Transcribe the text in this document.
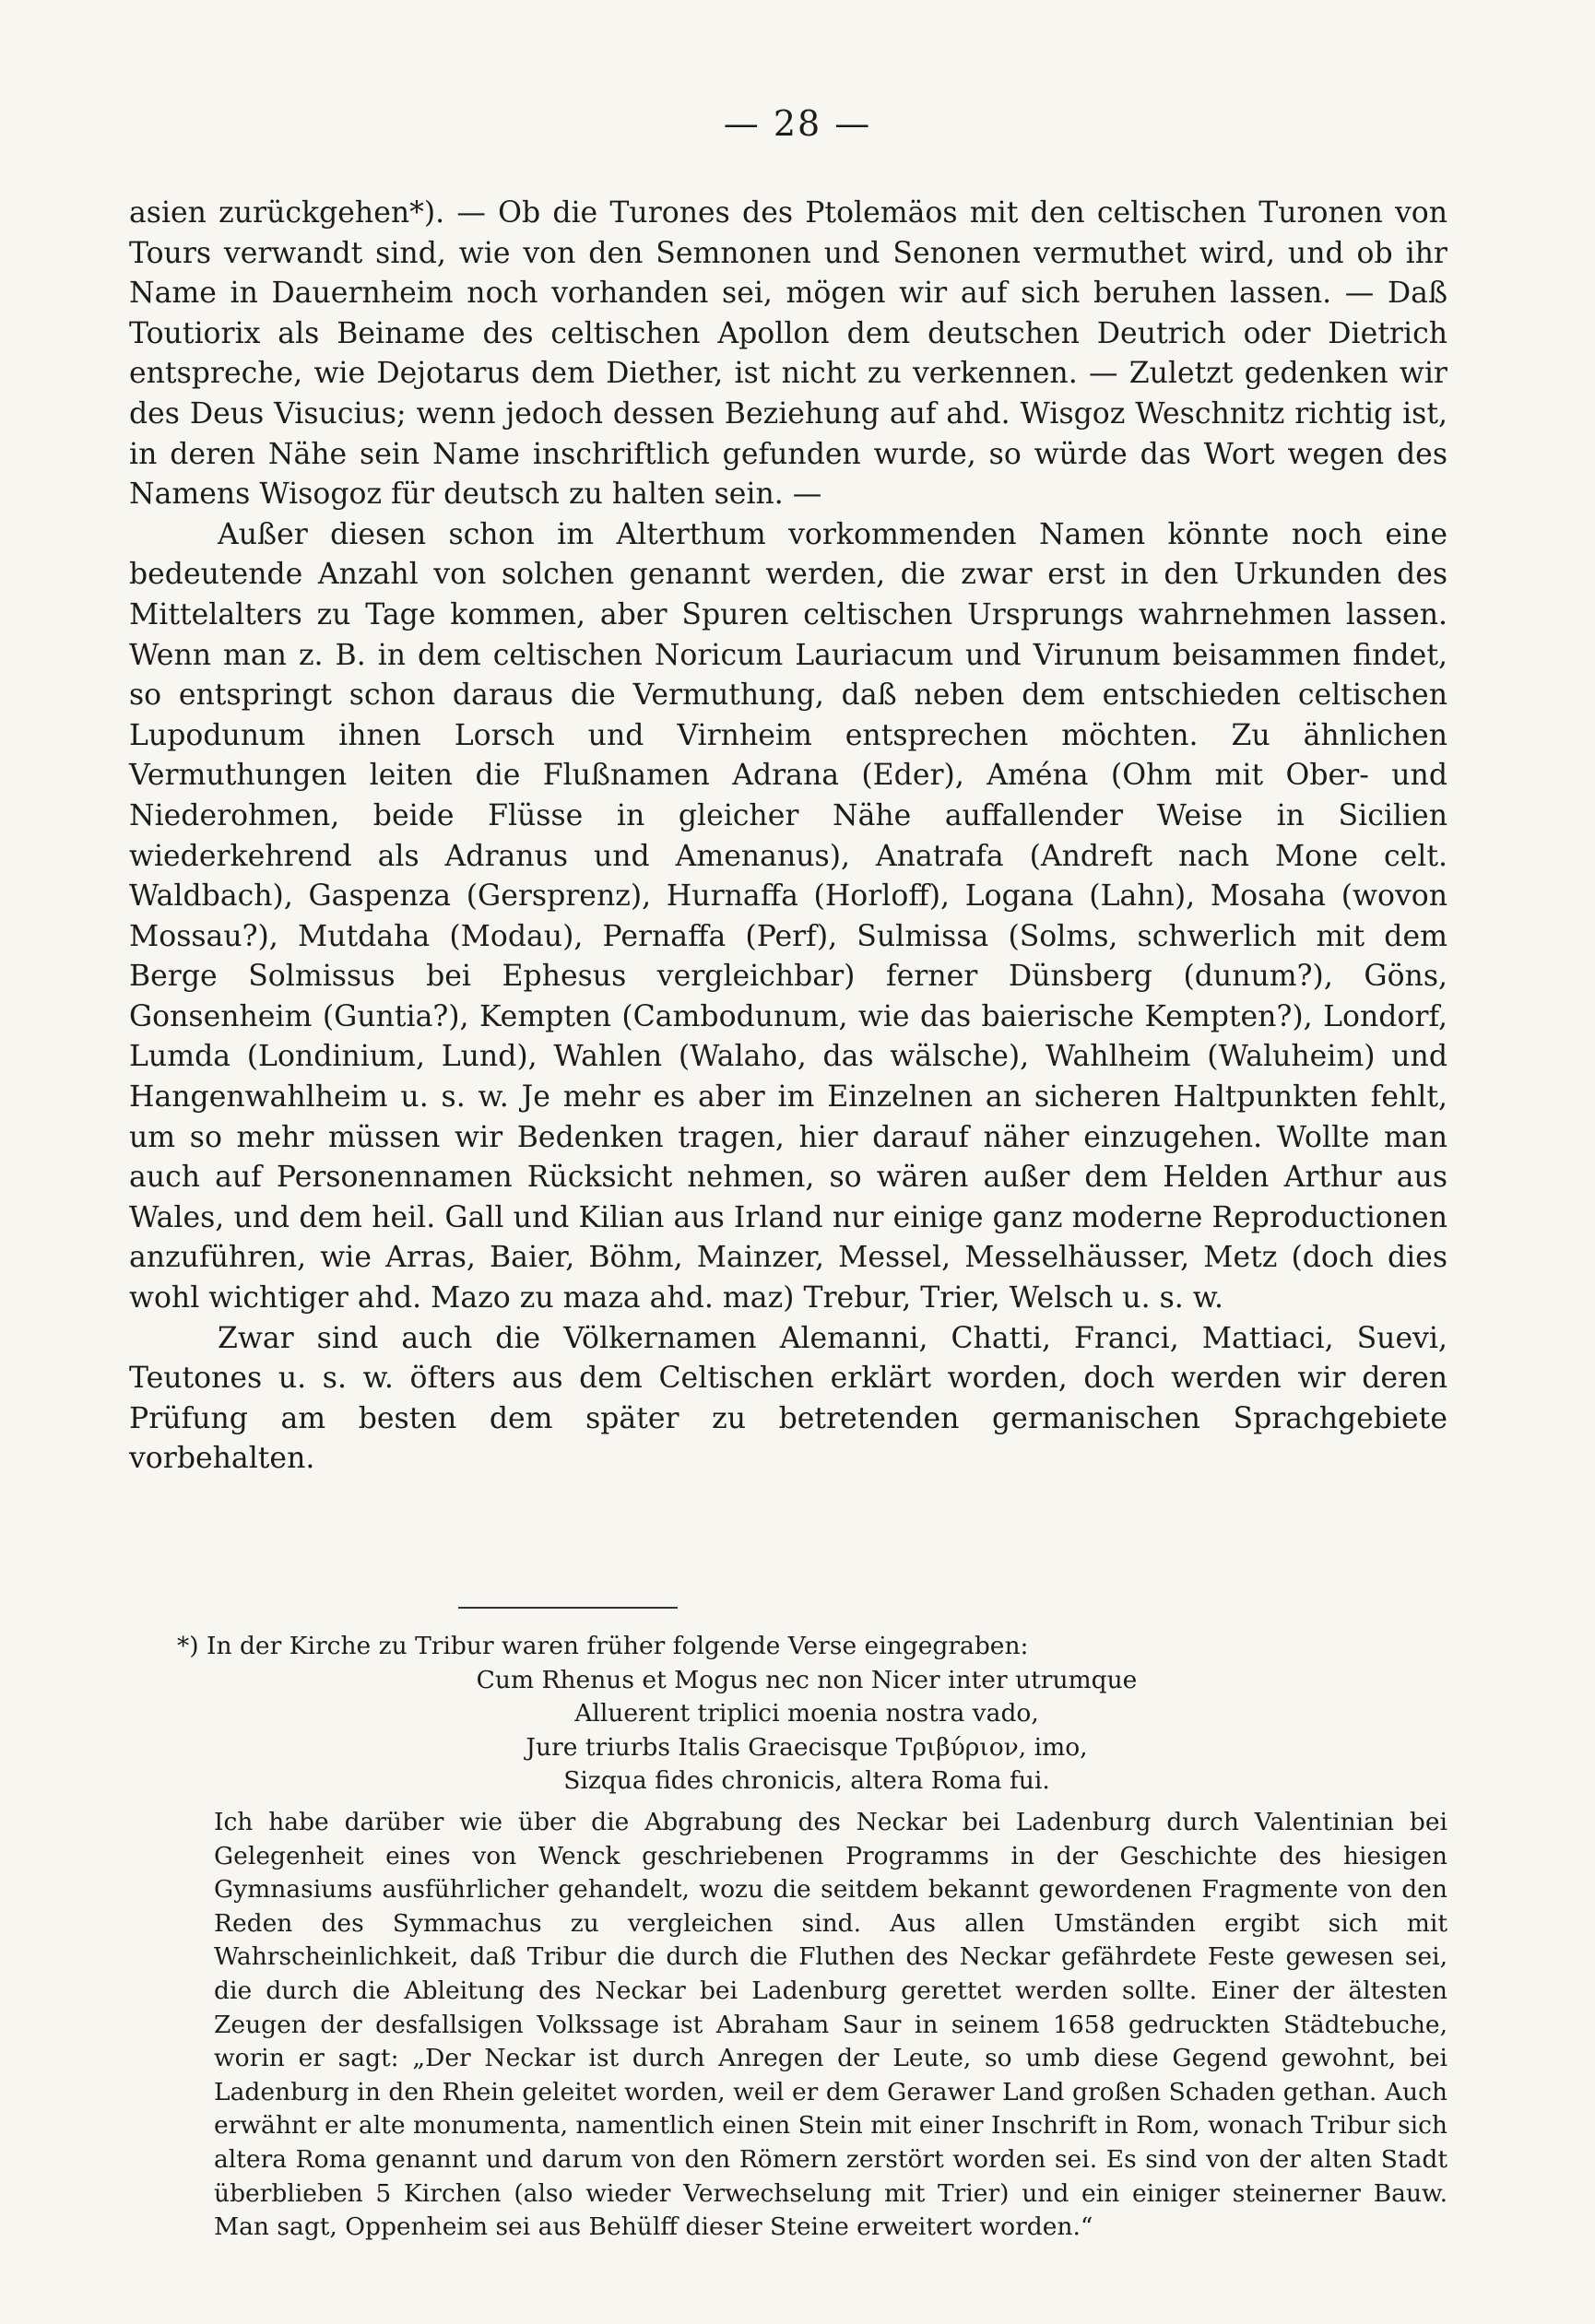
— 28 —

asien zurückgehen*). — Ob die Turones des Ptolemäos mit den celtischen Turonen von Tours verwandt sind, wie von den Semnonen und Senonen vermuthet wird, und ob ihr Name in Dauernheim noch vorhanden sei, mögen wir auf sich beruhen lassen. — Daß Toutiorix als Beiname des celtischen Apollon dem deutschen Deutrich oder Dietrich entspreche, wie Dejotarus dem Diether, ist nicht zu verkennen. — Zuletzt gedenken wir des Deus Visucius; wenn jedoch dessen Beziehung auf ahd. Wisgoz Weschnitz richtig ist, in deren Nähe sein Name inschriftlich gefunden wurde, so würde das Wort wegen des Namens Wisogoz für deutsch zu halten sein. —

Außer diesen schon im Alterthum vorkommenden Namen könnte noch eine bedeutende Anzahl von solchen genannt werden, die zwar erst in den Urkunden des Mittelalters zu Tage kommen, aber Spuren celtischen Ursprungs wahrnehmen lassen. Wenn man z. B. in dem celtischen Noricum Lauriacum und Virunum beisammen findet, so entspringt schon daraus die Vermuthung, daß neben dem entschieden celtischen Lupodunum ihnen Lorsch und Virnheim entsprechen möchten. Zu ähnlichen Vermuthungen leiten die Flußnamen Adrana (Eder), Aména (Ohm mit Ober- und Niederohmen, beide Flüsse in gleicher Nähe auffallender Weise in Sicilien wiederkehrend als Adranus und Amenanus), Anatrafa (Andreft nach Mone celt. Waldbach), Gaspenza (Gersprenz), Hurnaffa (Horloff), Logana (Lahn), Mosaha (wovon Mossau?), Mutdaha (Modau), Pernaffa (Perf), Sulmissa (Solms, schwerlich mit dem Berge Solmissus bei Ephesus vergleichbar) ferner Dünsberg (dunum?), Göns, Gonsenheim (Guntia?), Kempten (Cambodunum, wie das baierische Kempten?), Londorf, Lumda (Londinium, Lund), Wahlen (Walaho, das wälsche), Wahlheim (Waluheim) und Hangenwahlheim u. s. w. Je mehr es aber im Einzelnen an sicheren Haltpunkten fehlt, um so mehr müssen wir Bedenken tragen, hier darauf näher einzugehen. Wollte man auch auf Personennamen Rücksicht nehmen, so wären außer dem Helden Arthur aus Wales, und dem heil. Gall und Kilian aus Irland nur einige ganz moderne Reproductionen anzuführen, wie Arras, Baier, Böhm, Mainzer, Messel, Messelhäusser, Metz (doch dies wohl wichtiger ahd. Mazo zu maza ahd. maz) Trebur, Trier, Welsch u. s. w.

Zwar sind auch die Völkernamen Alemanni, Chatti, Franci, Mattiaci, Suevi, Teutones u. s. w. öfters aus dem Celtischen erklärt worden, doch werden wir deren Prüfung am besten dem später zu betretenden germanischen Sprachgebiete vorbehalten.

*) In der Kirche zu Tribur waren früher folgende Verse eingegraben:
Cum Rhenus et Mogus nec non Nicer inter utrumque
Alluerent triplici moenia nostra vado,
Jure triurbs Italis Graecisque Τριβύριον, imo,
Sizqua fides chronicis, altera Roma fui.
Ich habe darüber wie über die Abgrabung des Neckar bei Ladenburg durch Valentinian bei Gelegenheit eines von Wenck geschriebenen Programms in der Geschichte des hiesigen Gymnasiums ausführlicher gehandelt, wozu die seitdem bekannt gewordenen Fragmente von den Reden des Symmachus zu vergleichen sind. Aus allen Umständen ergibt sich mit Wahrscheinlichkeit, daß Tribur die durch die Fluthen des Neckar gefährdete Feste gewesen sei, die durch die Ableitung des Neckar bei Ladenburg gerettet werden sollte. Einer der ältesten Zeugen der desfallsigen Volkssage ist Abraham Saur in seinem 1658 gedruckten Städtebuche, worin er sagt: „Der Neckar ist durch Anregen der Leute, so umb diese Gegend gewohnt, bei Ladenburg in den Rhein geleitet worden, weil er dem Gerawer Land großen Schaden gethan. Auch erwähnt er alte monumenta, namentlich einen Stein mit einer Inschrift in Rom, wonach Tribur sich altera Roma genannt und darum von den Römern zerstört worden sei. Es sind von der alten Stadt überblieben 5 Kirchen (also wieder Verwechselung mit Trier) und ein einiger steinerner Bauw. Man sagt, Oppenheim sei aus Behülff dieser Steine erweitert worden.“
